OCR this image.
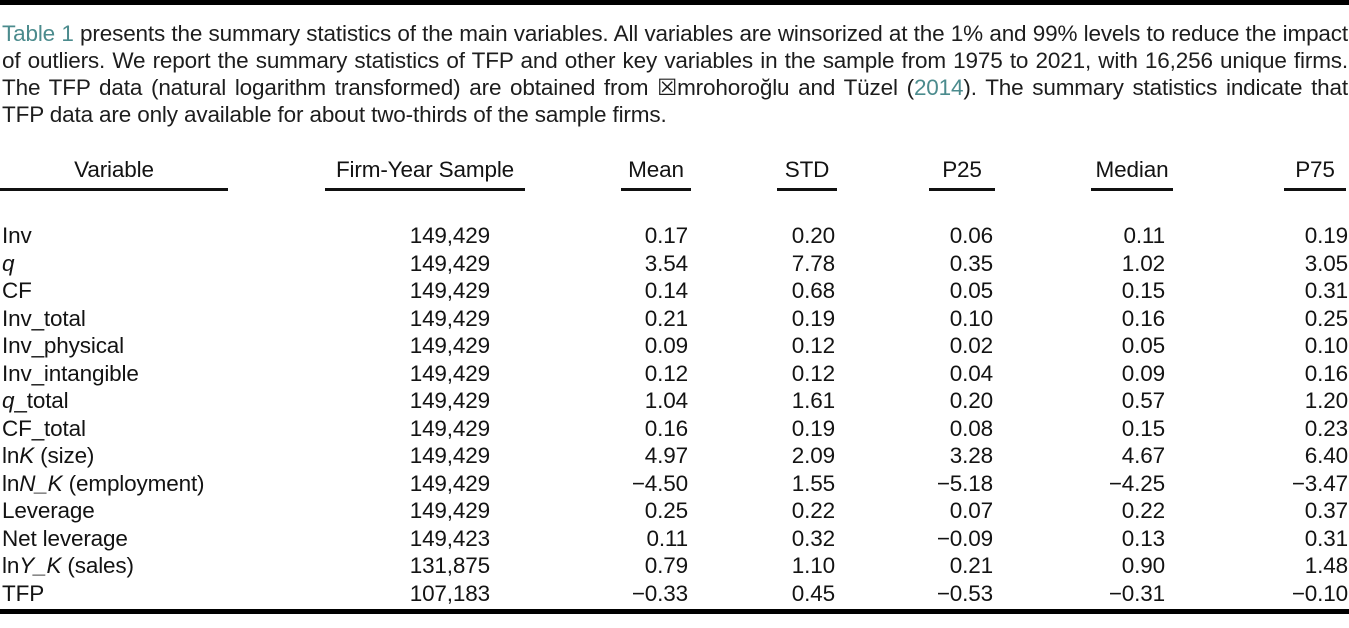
Table 1 presents the summary statistics of the main variables. All variables are winsorized at the 1% and 99% levels to reduce the impact of outliers. We report the summary statistics of TFP and other key variables in the sample from 1975 to 2021, with 16,256 unique firms. The TFP data (natural logarithm transformed) are obtained from ☒mrohoroğlu and Tüzel (2014). The summary statistics indicate that TFP data are only available for about two-thirds of the sample firms.

Variable	Firm-Year Sample	Mean	STD	P25	Median	P75
Inv	149,429	0.17	0.20	0.06	0.11	0.19
q	149,429	3.54	7.78	0.35	1.02	3.05
CF	149,429	0.14	0.68	0.05	0.15	0.31
Inv_total	149,429	0.21	0.19	0.10	0.16	0.25
Inv_physical	149,429	0.09	0.12	0.02	0.05	0.10
Inv_intangible	149,429	0.12	0.12	0.04	0.09	0.16
q_total	149,429	1.04	1.61	0.20	0.57	1.20
CF_total	149,429	0.16	0.19	0.08	0.15	0.23
lnK (size)	149,429	4.97	2.09	3.28	4.67	6.40
lnN_K (employment)	149,429	−4.50	1.55	−5.18	−4.25	−3.47
Leverage	149,429	0.25	0.22	0.07	0.22	0.37
Net leverage	149,423	0.11	0.32	−0.09	0.13	0.31
lnY_K (sales)	131,875	0.79	1.10	0.21	0.90	1.48
TFP	107,183	−0.33	0.45	−0.53	−0.31	−0.10
